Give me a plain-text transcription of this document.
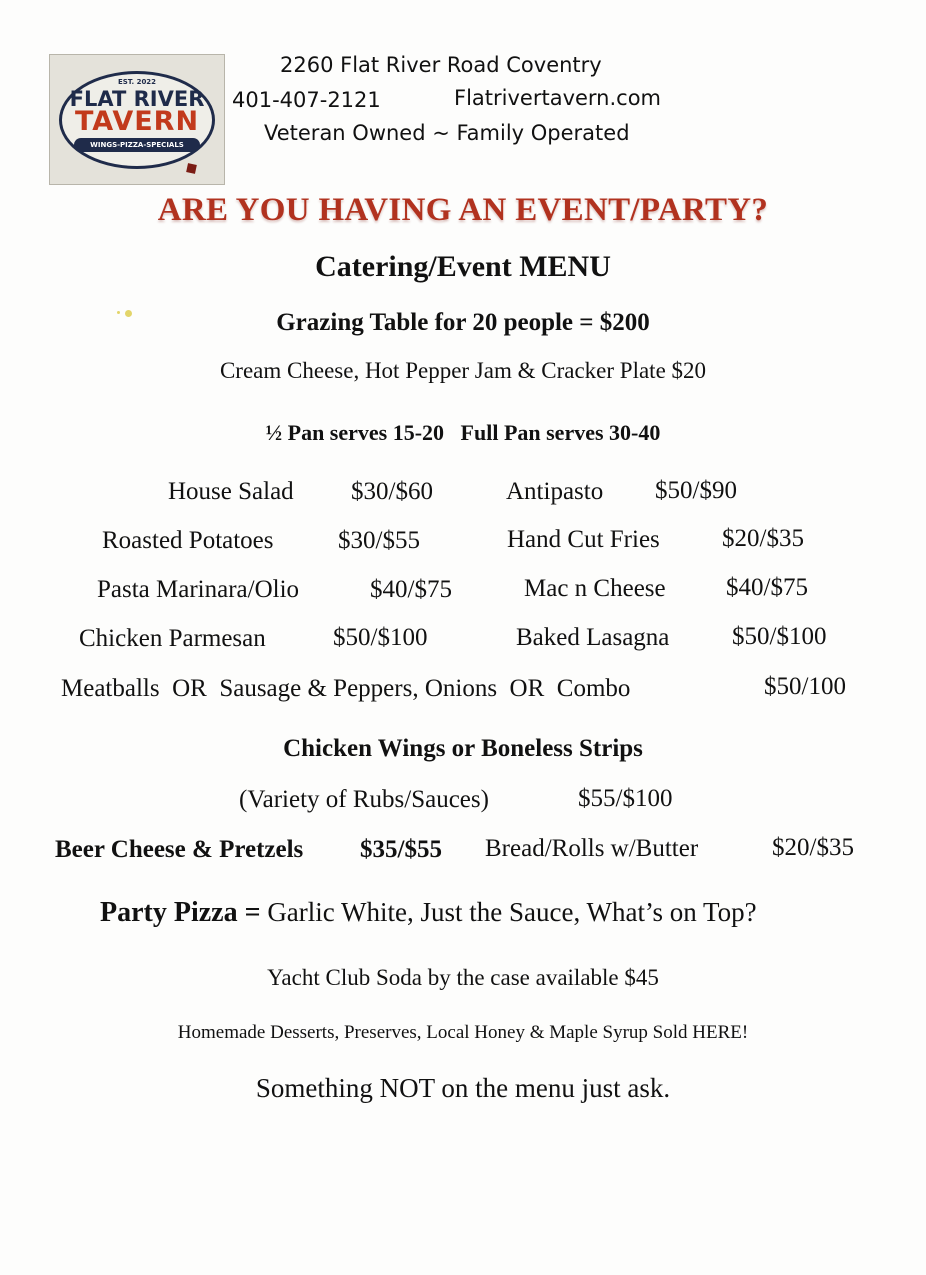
EST. 2022
FLAT RIVER
TAVERN
WINGS-PIZZA-SPECIALS
2260 Flat River Road Coventry
401-407-2121	Flatrivertavern.com
Veteran Owned ~ Family Operated
ARE YOU HAVING AN EVENT/PARTY?
Catering/Event MENU
Grazing Table for 20 people = $200
Cream Cheese, Hot Pepper Jam & Cracker Plate $20
½ Pan serves 15-20   Full Pan serves 30-40
House Salad $30/$60	Antipasto $50/$90
Roasted Potatoes	$30/$55	Hand Cut Fries $20/$35
Pasta Marinara/Olio	$40/$75	Mac n Cheese $40/$75
Chicken Parmesan	$50/$100	Baked Lasagna	$50/$100
Meatballs  OR  Sausage & Peppers, Onions  OR  Combo	$50/100
Chicken Wings or Boneless Strips
(Variety of Rubs/Sauces)	$55/$100
Beer Cheese & Pretzels $35/$55 Bread/Rolls w/Butter	$20/$35
Party Pizza = Garlic White, Just the Sauce, What’s on Top?
Yacht Club Soda by the case available $45
Homemade Desserts, Preserves, Local Honey & Maple Syrup Sold HERE!
Something NOT on the menu just ask.
